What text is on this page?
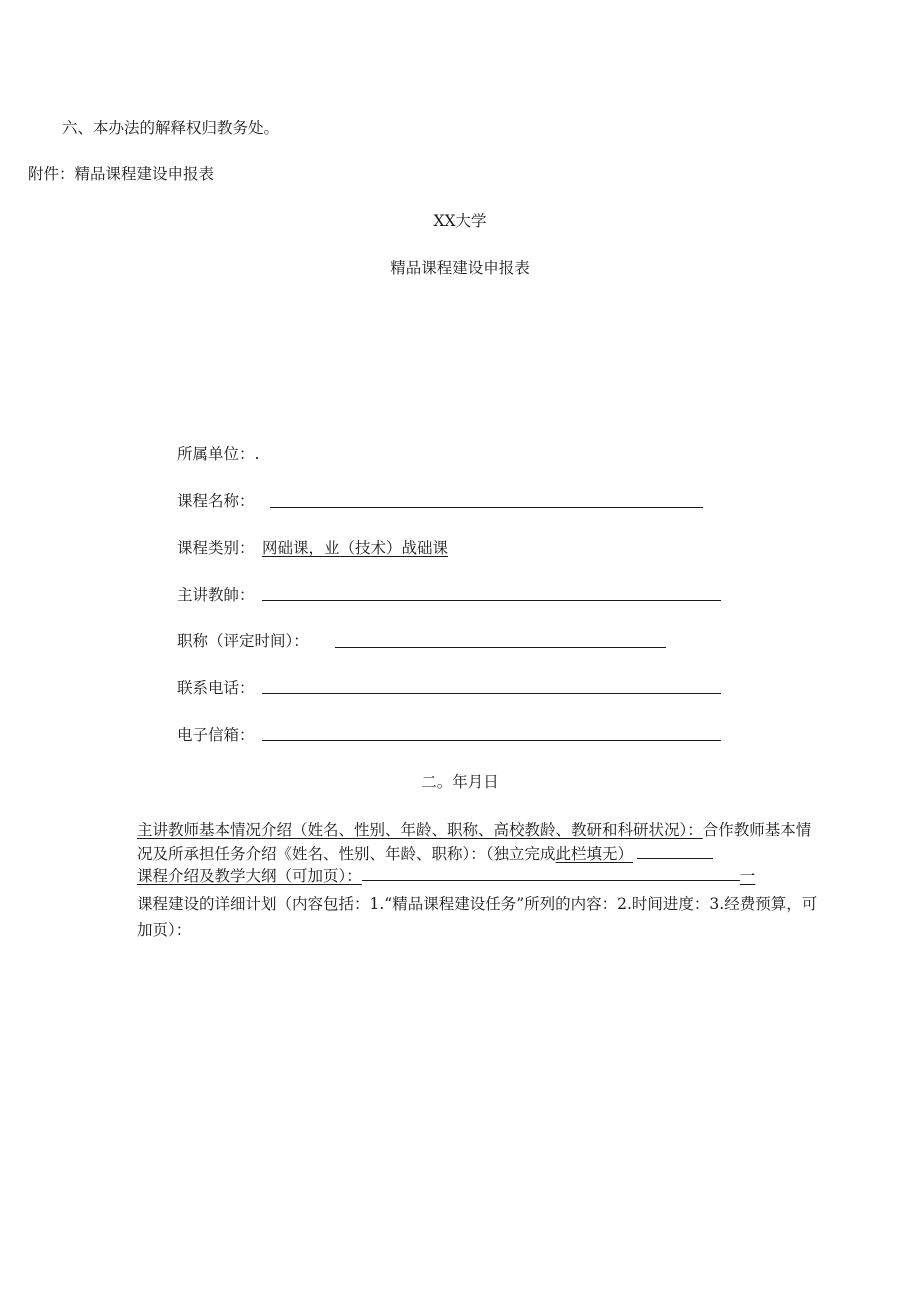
六、本办法的解释权归教务处。
附件：精品课程建设申报表
XX大学
精品课程建设申报表
所属单位：.
课程名称：
课程类别： 网础课，业（技术）战础课
主讲教帥：
职称（评定时间）：
联系电话：
电子信箱：
二。年月日
主讲教师基本情况介绍（姓名、性别、年龄、职称、高校教龄、教研和科研状况）：合作教师基本情
况及所承担任务介绍《姓名、性别、年龄、职称）：（独立完成此栏填无）
课程介绍及教学大纲（可加页）：	一
课程建设的详细计划（内容包括：1.“精品课程建设任务”所列的内容：2.时间进度：3.经费预算，可
加页）：
